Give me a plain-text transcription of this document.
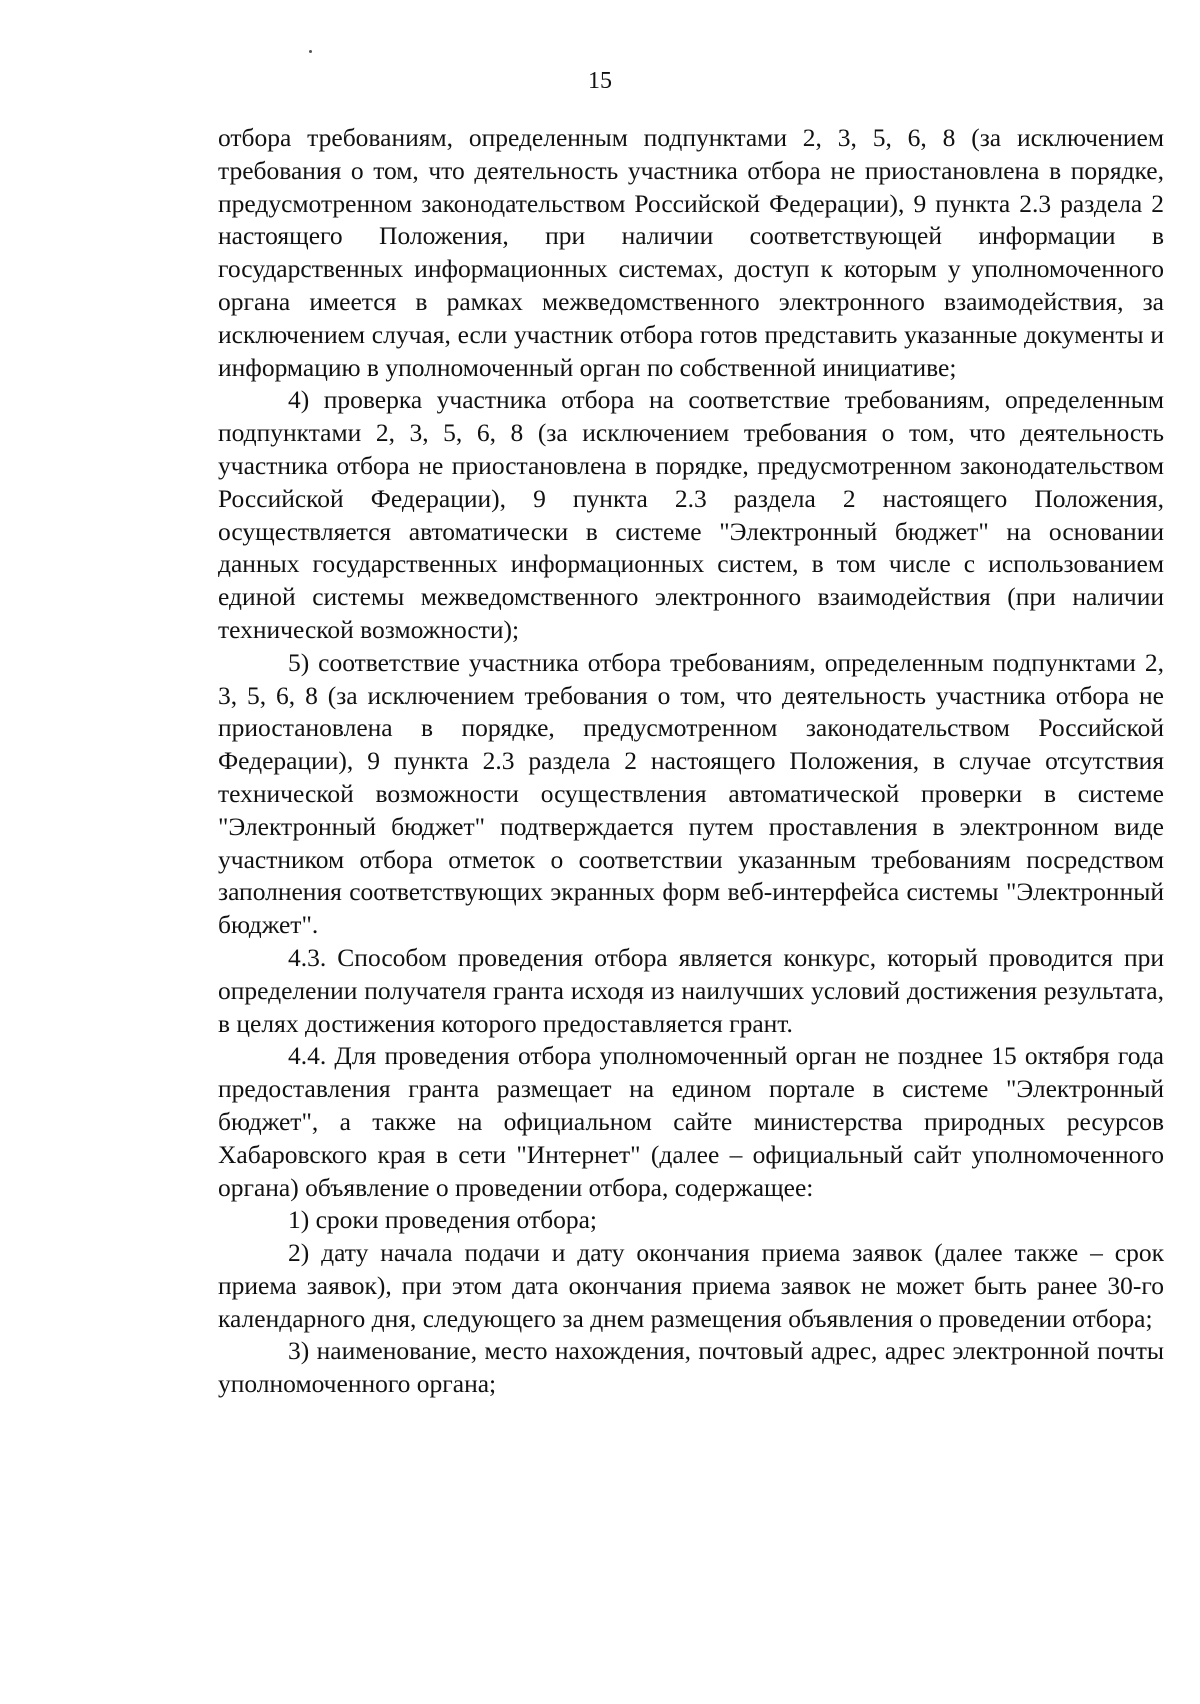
15

отбора требованиям, определенным подпунктами 2, 3, 5, 6, 8 (за исключением требования о том, что деятельность участника отбора не приостановлена в порядке, предусмотренном законодательством Российской Федерации), 9 пункта 2.3 раздела 2 настоящего Положения, при наличии соответствующей информации в государственных информационных системах, доступ к которым у уполномоченного органа имеется в рамках межведомственного электронного взаимодействия, за исключением случая, если участник отбора готов представить указанные документы и информацию в уполномоченный орган по собственной инициативе;

4) проверка участника отбора на соответствие требованиям, определенным подпунктами 2, 3, 5, 6, 8 (за исключением требования о том, что деятельность участника отбора не приостановлена в порядке, предусмотренном законодательством Российской Федерации), 9 пункта 2.3 раздела 2 настоящего Положения, осуществляется автоматически в системе "Электронный бюджет" на основании данных государственных информационных систем, в том числе с использованием единой системы межведомственного электронного взаимодействия (при наличии технической возможности);

5) соответствие участника отбора требованиям, определенным подпунктами 2, 3, 5, 6, 8 (за исключением требования о том, что деятельность участника отбора не приостановлена в порядке, предусмотренном законодательством Российской Федерации), 9 пункта 2.3 раздела 2 настоящего Положения, в случае отсутствия технической возможности осуществления автоматической проверки в системе "Электронный бюджет" подтверждается путем проставления в электронном виде участником отбора отметок о соответствии указанным требованиям посредством заполнения соответствующих экранных форм веб-интерфейса системы "Электронный бюджет".

4.3. Способом проведения отбора является конкурс, который проводится при определении получателя гранта исходя из наилучших условий достижения результата, в целях достижения которого предоставляется грант.

4.4. Для проведения отбора уполномоченный орган не позднее 15 октября года предоставления гранта размещает на едином портале в системе "Электронный бюджет", а также на официальном сайте министерства природных ресурсов Хабаровского края в сети "Интернет" (далее – официальный сайт уполномоченного органа) объявление о проведении отбора, содержащее:

1) сроки проведения отбора;

2) дату начала подачи и дату окончания приема заявок (далее также – срок приема заявок), при этом дата окончания приема заявок не может быть ранее 30-го календарного дня, следующего за днем размещения объявления о проведении отбора;

3) наименование, место нахождения, почтовый адрес, адрес электронной почты уполномоченного органа;
